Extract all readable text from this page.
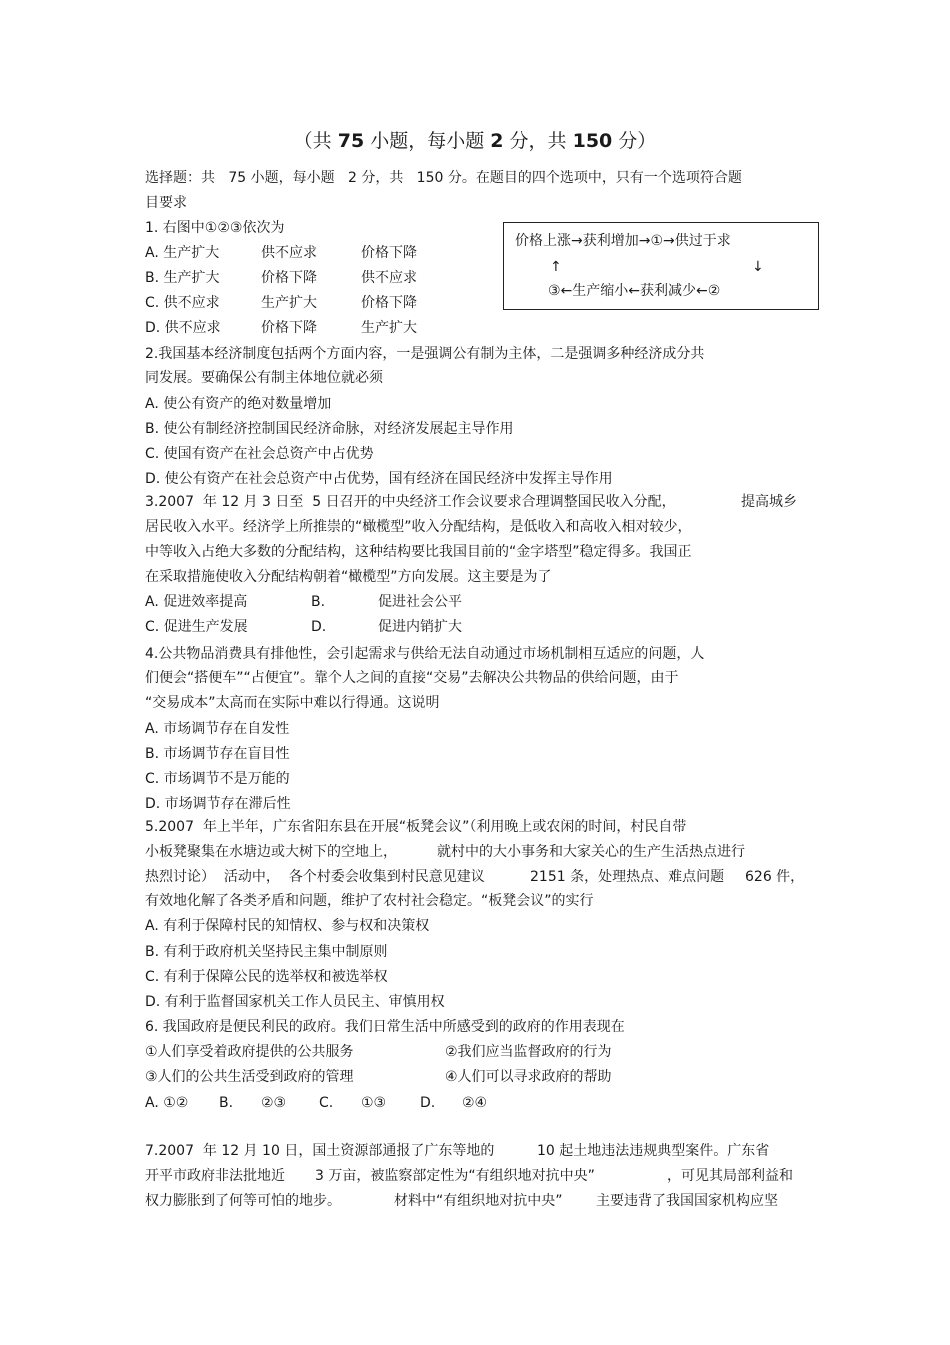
（共 75 小题，每小题 2 分，共 150 分）
选择题：共   75 小题，每小题   2 分，共   150 分。在题目的四个选项中，只有一个选项符合题
目要求
价格上涨→获利增加→①→供过于求
↑	↓
③←生产缩小←获利减少←②
1. 右图中①②③依次为
A. 生产扩大	供不应求	价格下降
B. 生产扩大	价格下降	供不应求
C. 供不应求	生产扩大	价格下降
D. 供不应求	价格下降	生产扩大
2.我国基本经济制度包括两个方面内容，一是强调公有制为主体，二是强调多种经济成分共
同发展。要确保公有制主体地位就必须
A. 使公有资产的绝对数量增加
B. 使公有制经济控制国民经济命脉，对经济发展起主导作用
C. 使国有资产在社会总资产中占优势
D. 使公有资产在社会总资产中占优势，国有经济在国民经济中发挥主导作用
3.2007  年 12 月 3 日至  5 日召开的中央经济工作会议要求合理调整国民收入分配，	提高城乡
居民收入水平。经济学上所推崇的“橄榄型”收入分配结构，是低收入和高收入相对较少，
中等收入占绝大多数的分配结构，这种结构要比我国目前的“金字塔型”稳定得多。我国正
在采取措施使收入分配结构朝着“橄榄型”方向发展。这主要是为了
A. 促进效率提高	B.	促进社会公平
C. 促进生产发展	D.	促进内销扩大
4.公共物品消费具有排他性，会引起需求与供给无法自动通过市场机制相互适应的问题，人
们便会“搭便车”“占便宜”。靠个人之间的直接“交易”去解决公共物品的供给问题，由于
“交易成本”太高而在实际中难以行得通。这说明
A. 市场调节存在自发性
B. 市场调节存在盲目性
C. 市场调节不是万能的
D. 市场调节存在滞后性
5.2007  年上半年，广东省阳东县在开展“板凳会议”（利用晚上或农闲的时间，村民自带
小板凳聚集在水塘边或大树下的空地上，	就村中的大小事务和大家关心的生产生活热点进行
热烈讨论）  活动中，  各个村委会收集到村民意见建议	2151 条，处理热点、难点问题 626 件，
有效地化解了各类矛盾和问题，维护了农村社会稳定。“板凳会议”的实行
A. 有利于保障村民的知情权、参与权和决策权
B. 有利于政府机关坚持民主集中制原则
C. 有利于保障公民的选举权和被选举权
D. 有利于监督国家机关工作人员民主、审慎用权
6. 我国政府是便民利民的政府。我们日常生活中所感受到的政府的作用表现在
①人们享受着政府提供的公共服务	②我们应当监督政府的行为
③人们的公共生活受到政府的管理	④人们可以寻求政府的帮助
A. ①② B. ②③ C. ①③ D. ②④
7.2007  年 12 月 10 日，国土资源部通报了广东等地的	10 起土地违法违规典型案件。广东省
开平市政府非法批地近 3 万亩，被监察部定性为“有组织地对抗中央”	，可见其局部利益和
权力膨胀到了何等可怕的地步。	材料中“有组织地对抗中央” 主要违背了我国国家机构应坚
